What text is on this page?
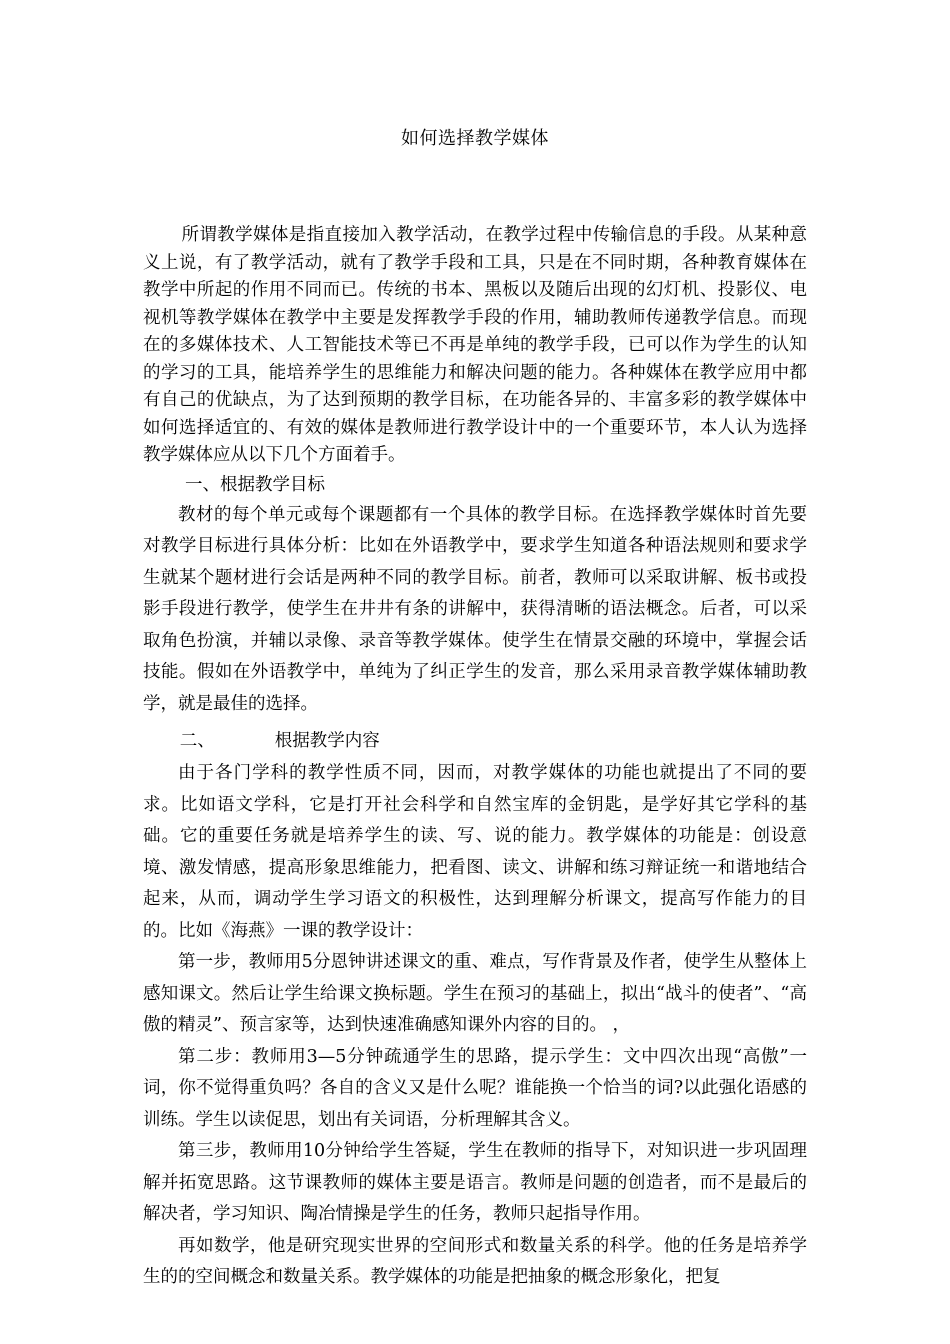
如何选择教学媒体

所谓教学媒体是指直接加入教学活动，在教学过程中传输信息的手段。从某种意义上说，有了教学活动，就有了教学手段和工具，只是在不同时期，各种教育媒体在教学中所起的作用不同而已。传统的书本、黑板以及随后出现的幻灯机、投影仪、电视机等教学媒体在教学中主要是发挥教学手段的作用，辅助教师传递教学信息。而现在的多媒体技术、人工智能技术等已不再是单纯的教学手段，已可以作为学生的认知的学习的工具，能培养学生的思维能力和解决问题的能力。各种媒体在教学应用中都有自己的优缺点，为了达到预期的教学目标，在功能各异的、丰富多彩的教学媒体中如何选择适宜的、有效的媒体是教师进行教学设计中的一个重要环节，本人认为选择教学媒体应从以下几个方面着手。

一、根据教学目标

教材的每个单元或每个课题都有一个具体的教学目标。在选择教学媒体时首先要对教学目标进行具体分析：比如在外语教学中，要求学生知道各种语法规则和要求学生就某个题材进行会话是两种不同的教学目标。前者，教师可以采取讲解、板书或投影手段进行教学，使学生在井井有条的讲解中，获得清晰的语法概念。后者，可以采取角色扮演，并辅以录像、录音等教学媒体。使学生在情景交融的环境中，掌握会话技能。假如在外语教学中，单纯为了纠正学生的发音，那么采用录音教学媒体辅助教学，就是最佳的选择。

二、	根据教学内容

由于各门学科的教学性质不同，因而，对教学媒体的功能也就提出了不同的要求。比如语文学科，它是打开社会科学和自然宝库的金钥匙，是学好其它学科的基础。它的重要任务就是培养学生的读、写、说的能力。教学媒体的功能是：创设意境、激发情感，提高形象思维能力，把看图、读文、讲解和练习辩证统一和谐地结合起来，从而，调动学生学习语文的积极性，达到理解分析课文，提高写作能力的目的。比如《海燕》一课的教学设计：

第一步，教师用5分恩钟讲述课文的重、难点，写作背景及作者，使学生从整体上感知课文。然后让学生给课文换标题。学生在预习的基础上，拟出“战斗的使者”、“高傲的精灵”、预言家等，达到快速准确感知课外内容的目的。 ，

第二步：教师用3—5分钟疏通学生的思路，提示学生：文中四次出现“高傲”一词，你不觉得重负吗？各自的含义又是什么呢？谁能换一个恰当的词?以此强化语感的训练。学生以读促思，划出有关词语，分析理解其含义。

第三步，教师用10分钟给学生答疑，学生在教师的指导下，对知识进一步巩固理解并拓宽思路。这节课教师的媒体主要是语言。教师是问题的创造者，而不是最后的解决者，学习知识、陶冶情操是学生的任务，教师只起指导作用。

再如数学，他是研究现实世界的空间形式和数量关系的科学。他的任务是培养学生的的空间概念和数量关系。教学媒体的功能是把抽象的概念形象化，把复
